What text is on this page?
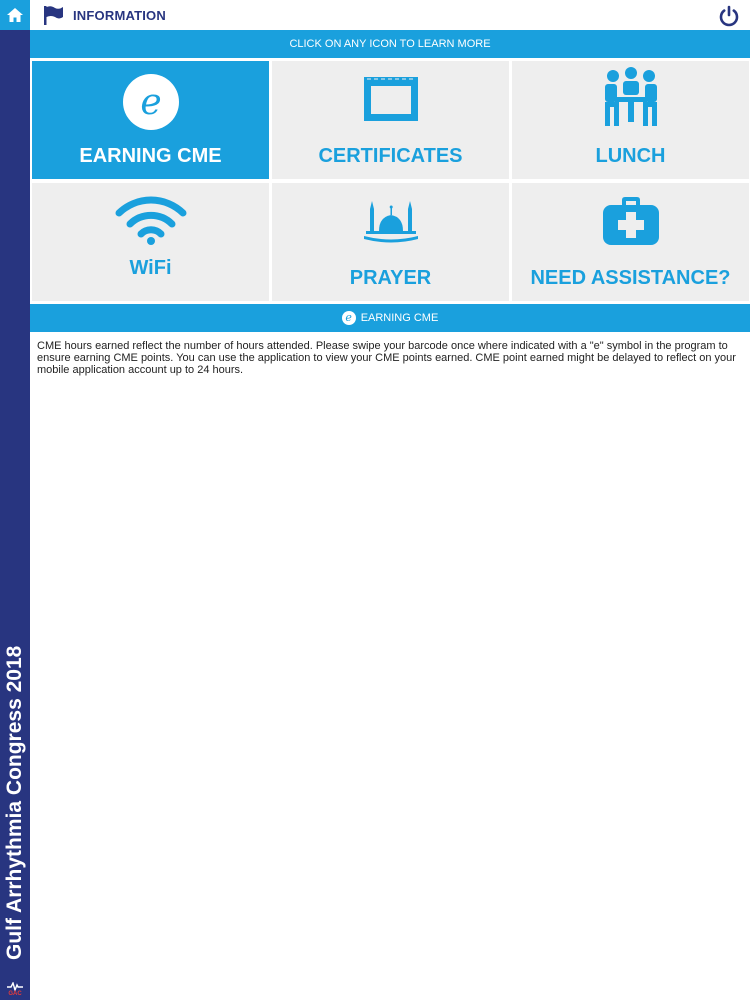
Gulf Arrhythmia Congress 2018
GAC
INFORMATION
CLICK ON ANY ICON TO LEARN MORE
e
EARNING CME	CERTIFICATES	LUNCH
WiFi	PRAYER	NEED ASSISTANCE?
e EARNING CME

CME hours earned reflect the number of hours attended. Please swipe your barcode once where indicated with a "e" symbol in the program to ensure earning CME points. You can use the application to view your CME points earned. CME point earned might be delayed to reflect on your mobile application account up to 24 hours.
